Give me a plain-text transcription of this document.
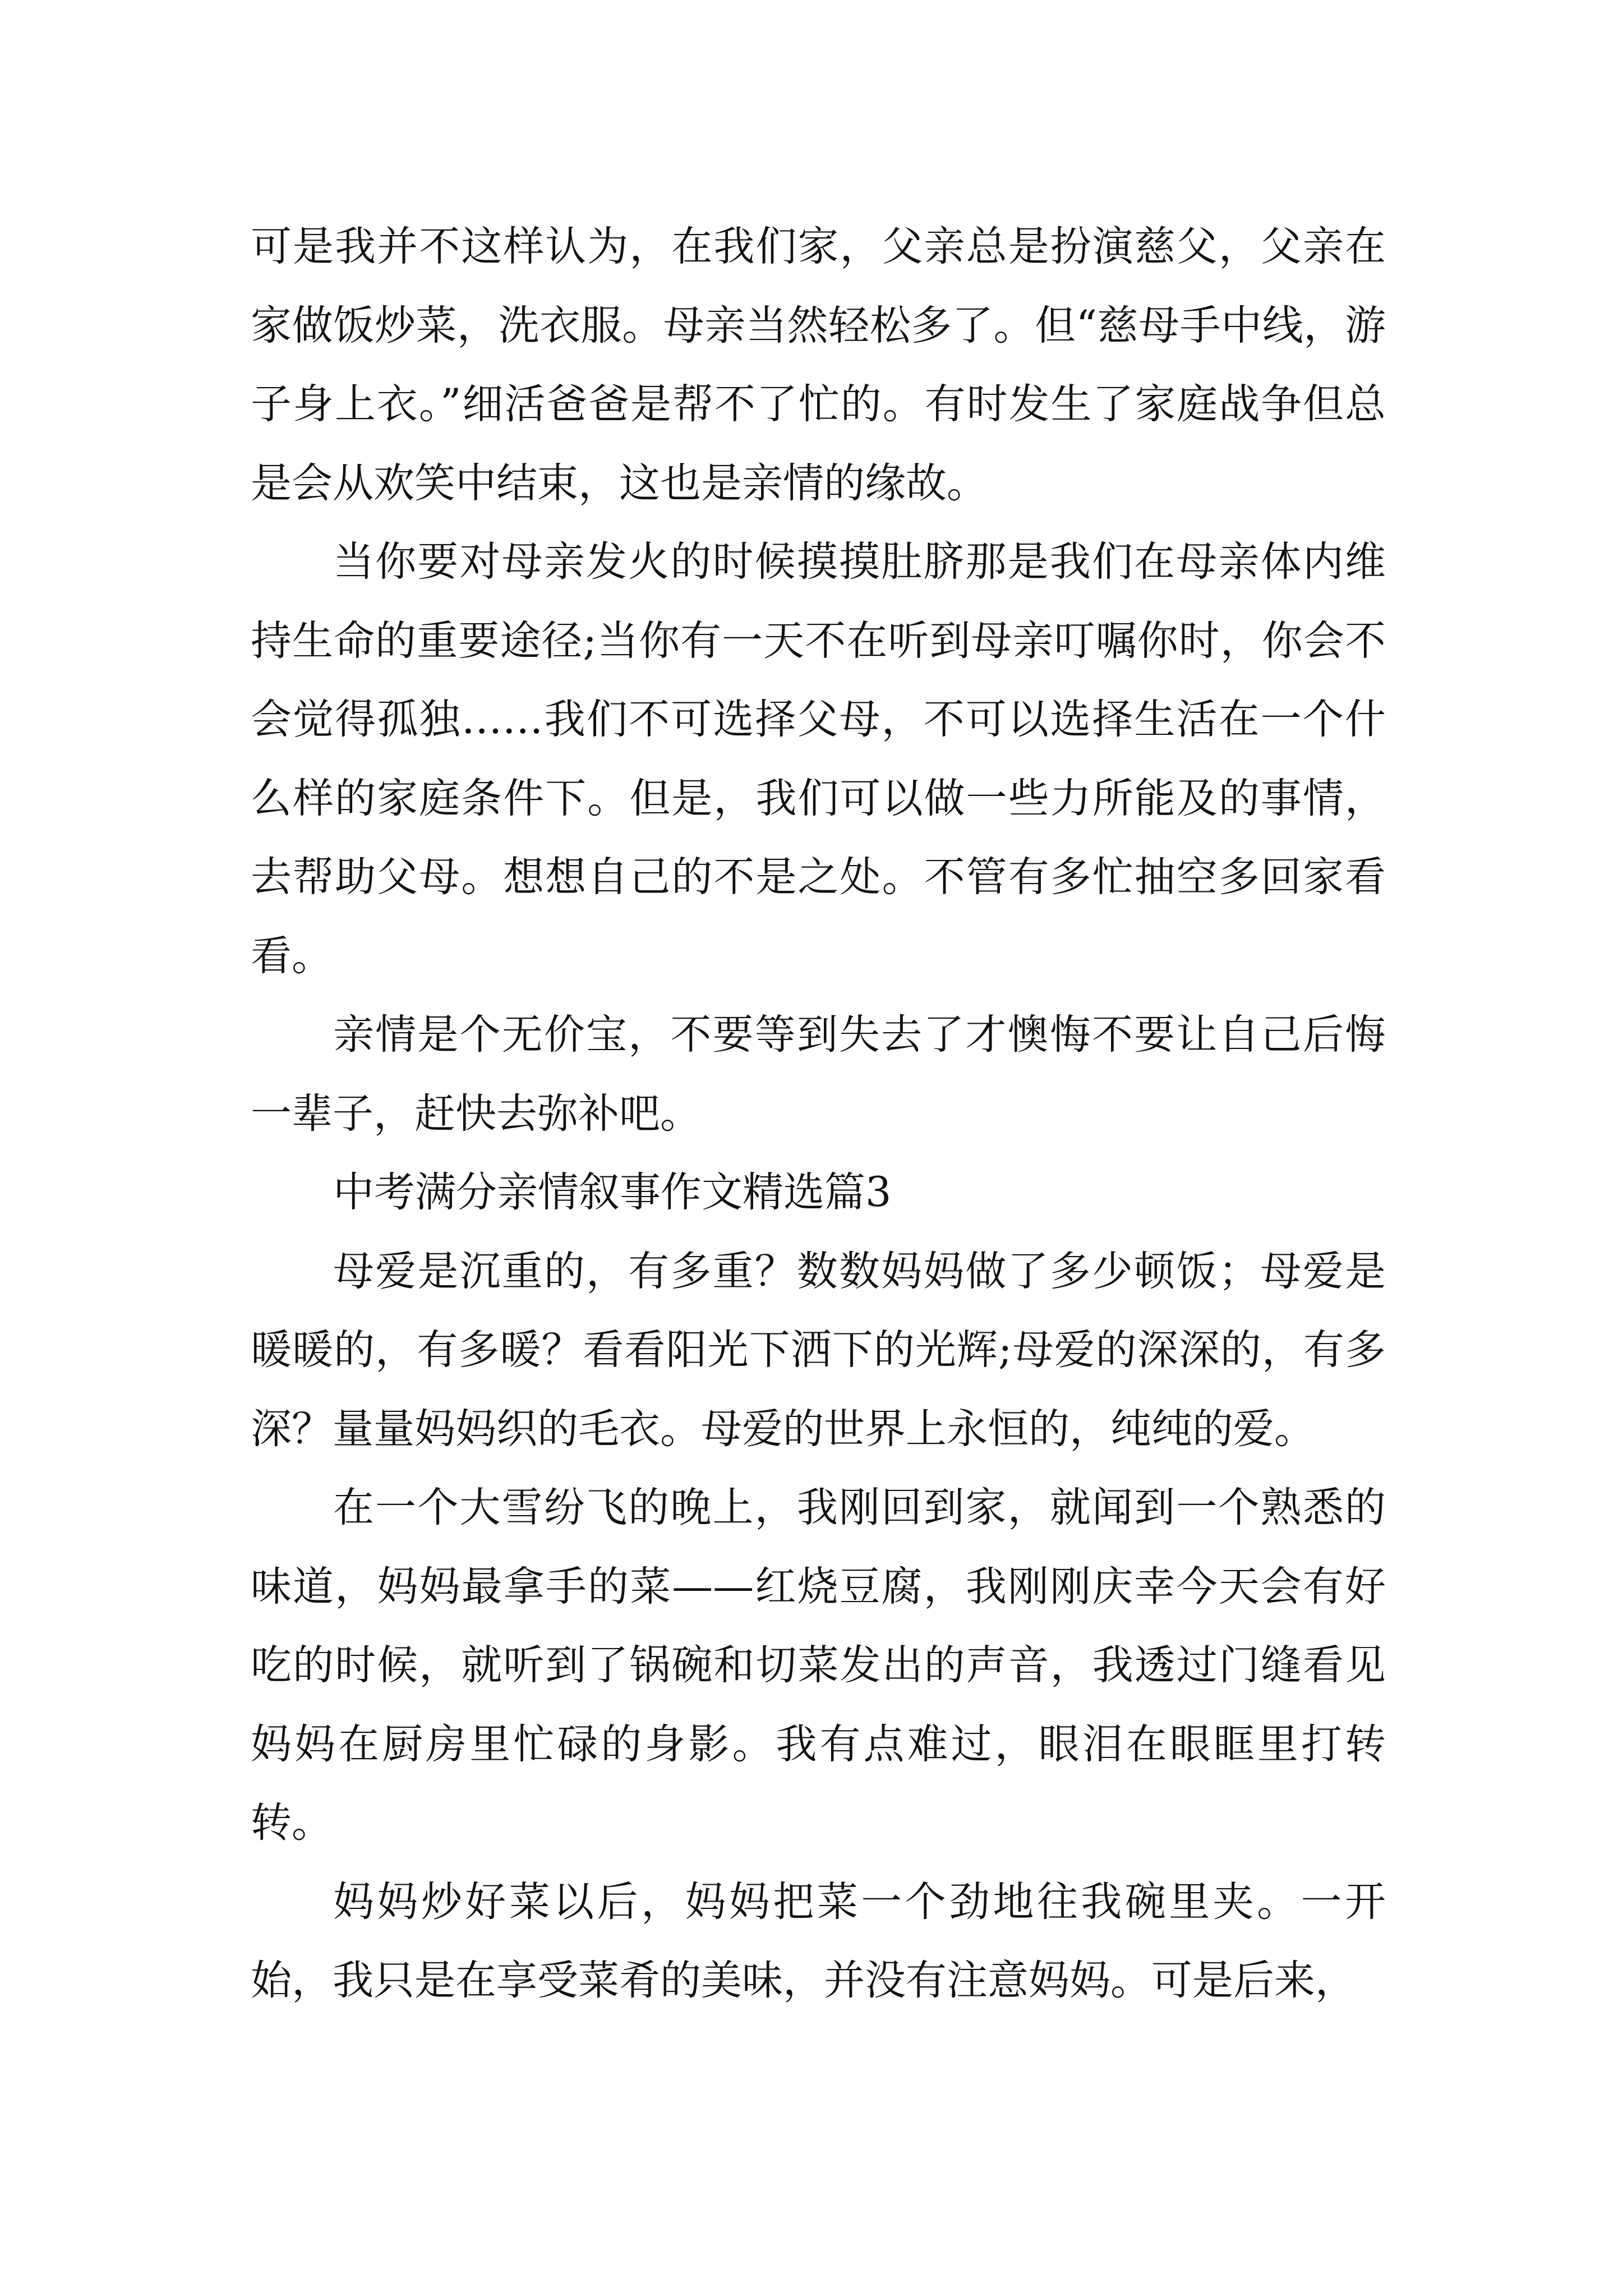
可是我并不这样认为，在我们家，父亲总是扮演慈父，父亲在家做饭炒菜，洗衣服。母亲当然轻松多了。但“慈母手中线，游子身上衣。”细活爸爸是帮不了忙的。有时发生了家庭战争但总是会从欢笑中结束，这也是亲情的缘故。

当你要对母亲发火的时候摸摸肚脐那是我们在母亲体内维持生命的重要途径;当你有一天不在听到母亲叮嘱你时，你会不会觉得孤独……我们不可选择父母，不可以选择生活在一个什么样的家庭条件下。但是，我们可以做一些力所能及的事情，去帮助父母。想想自己的不是之处。不管有多忙抽空多回家看看。

亲情是个无价宝，不要等到失去了才懊悔不要让自己后悔一辈子，赶快去弥补吧。

中考满分亲情叙事作文精选篇3

母爱是沉重的，有多重？数数妈妈做了多少顿饭；母爱是暖暖的，有多暖？看看阳光下洒下的光辉;母爱的深深的，有多深？量量妈妈织的毛衣。母爱的世界上永恒的，纯纯的爱。

在一个大雪纷飞的晚上，我刚回到家，就闻到一个熟悉的味道，妈妈最拿手的菜——红烧豆腐，我刚刚庆幸今天会有好吃的时候，就听到了锅碗和切菜发出的声音，我透过门缝看见妈妈在厨房里忙碌的身影。我有点难过，眼泪在眼眶里打转转。

妈妈炒好菜以后，妈妈把菜一个劲地往我碗里夹。一开始，我只是在享受菜肴的美味，并没有注意妈妈。可是后来，
